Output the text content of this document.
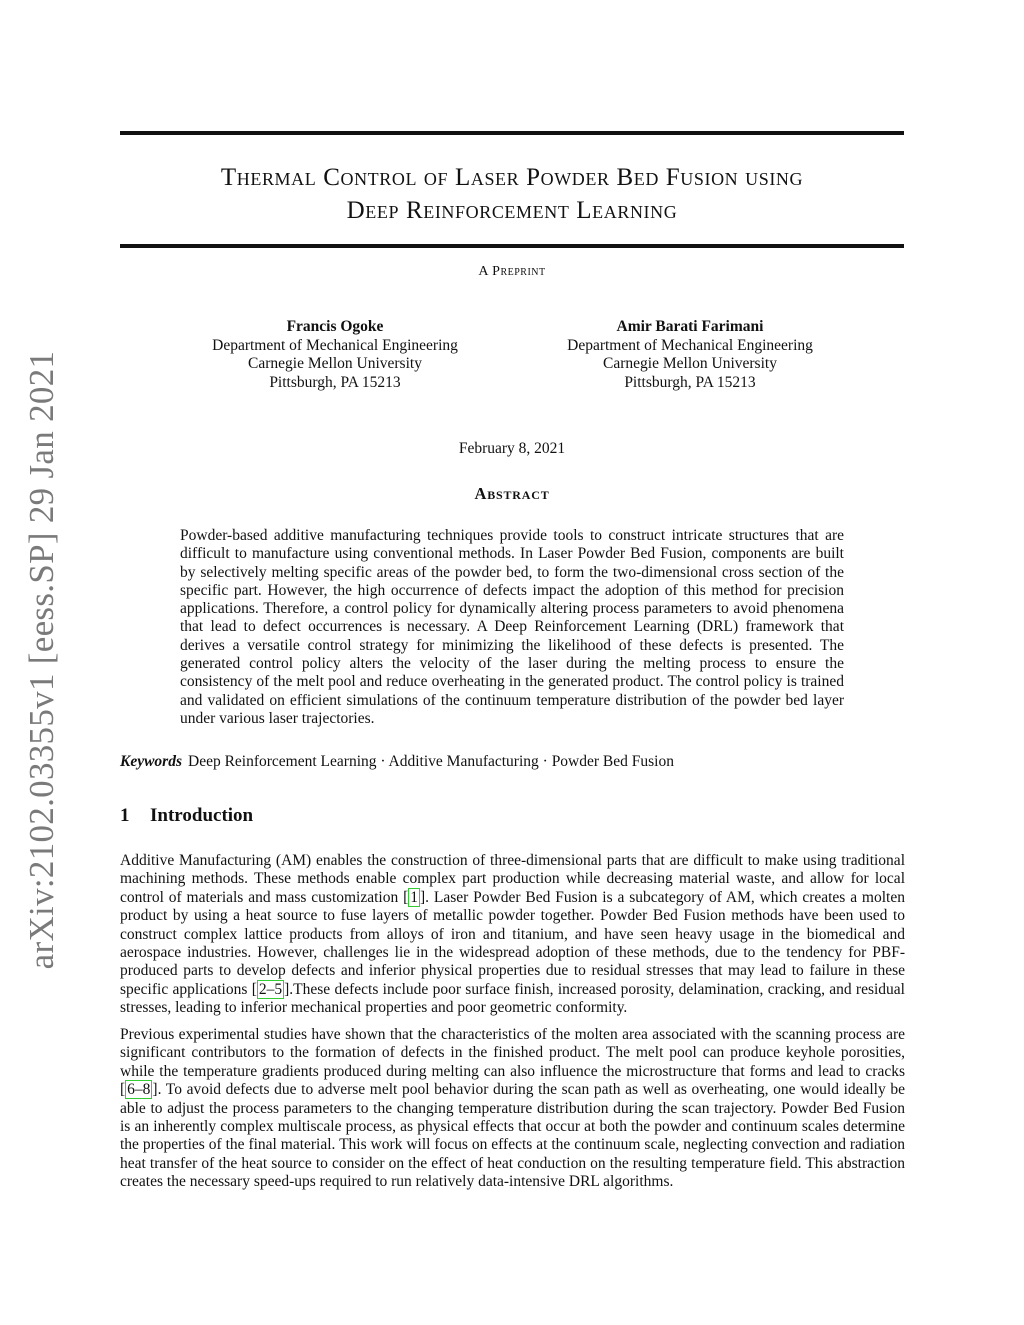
arXiv:2102.03355v1 [eess.SP] 29 Jan 2021
Thermal Control of Laser Powder Bed Fusion using
Deep Reinforcement Learning
A Preprint
Francis Ogoke
Department of Mechanical Engineering
Carnegie Mellon University
Pittsburgh, PA 15213
Amir Barati Farimani
Department of Mechanical Engineering
Carnegie Mellon University
Pittsburgh, PA 15213
February 8, 2021
Abstract
Powder-based additive manufacturing techniques provide tools to construct intricate structures that are difficult to manufacture using conventional methods. In Laser Powder Bed Fusion, components are built by selectively melting specific areas of the powder bed, to form the two-dimensional cross section of the specific part. However, the high occurrence of defects impact the adoption of this method for precision applications. Therefore, a control policy for dynamically altering process parameters to avoid phenomena that lead to defect occurrences is necessary. A Deep Reinforcement Learning (DRL) framework that derives a versatile control strategy for minimizing the likelihood of these defects is presented. The generated control policy alters the velocity of the laser during the melting process to ensure the consistency of the melt pool and reduce overheating in the generated product. The control policy is trained and validated on efficient simulations of the continuum temperature distribution of the powder bed layer under various laser trajectories.
Keywords Deep Reinforcement Learning · Additive Manufacturing · Powder Bed Fusion
1 Introduction
Additive Manufacturing (AM) enables the construction of three-dimensional parts that are difficult to make using traditional machining methods. These methods enable complex part production while decreasing material waste, and allow for local control of materials and mass customization [ 1 ]. Laser Powder Bed Fusion is a subcategory of AM, which creates a molten product by using a heat source to fuse layers of metallic powder together. Powder Bed Fusion methods have been used to construct complex lattice products from alloys of iron and titanium, and have seen heavy usage in the biomedical and aerospace industries. However, challenges lie in the widespread adoption of these methods, due to the tendency for PBF-produced parts to develop defects and inferior physical properties due to residual stresses that may lead to failure in these specific applications [ 2–5 ].These defects include poor surface finish, increased porosity, delamination, cracking, and residual stresses, leading to inferior mechanical properties and poor geometric conformity.
Previous experimental studies have shown that the characteristics of the molten area associated with the scanning process are significant contributors to the formation of defects in the finished product. The melt pool can produce keyhole porosities, while the temperature gradients produced during melting can also influence the microstructure that forms and lead to cracks [ 6–8 ]. To avoid defects due to adverse melt pool behavior during the scan path as well as overheating, one would ideally be able to adjust the process parameters to the changing temperature distribution during the scan trajectory. Powder Bed Fusion is an inherently complex multiscale process, as physical effects that occur at both the powder and continuum scales determine the properties of the final material. This work will focus on effects at the continuum scale, neglecting convection and radiation heat transfer of the heat source to consider on the effect of heat conduction on the resulting temperature field. This abstraction creates the necessary speed-ups required to run relatively data-intensive DRL algorithms.
